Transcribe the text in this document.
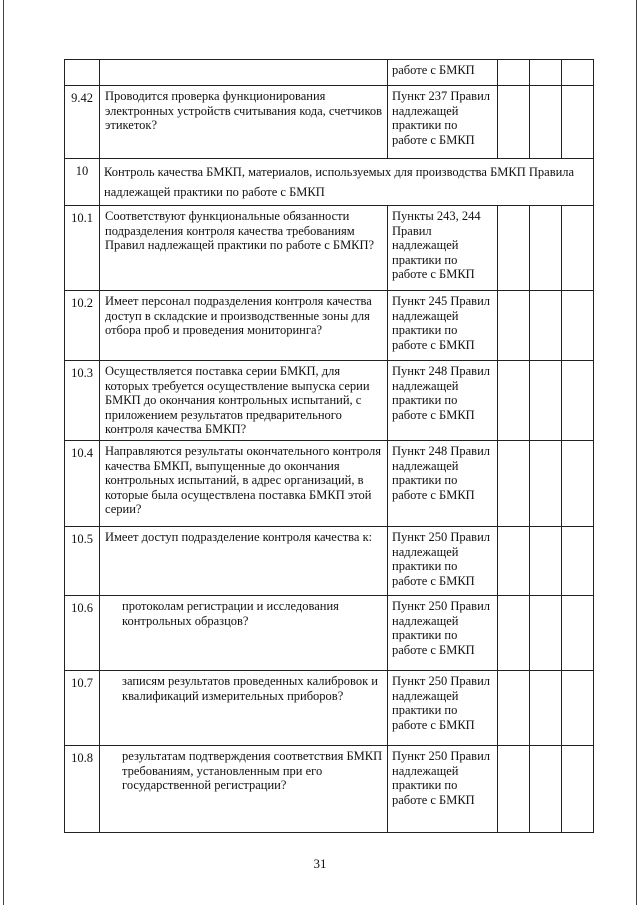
		работе с БМКП			
9.42	Проводится проверка функционирования электронных устройств считывания кода, счетчиков этикеток?	Пункт 237 Правил надлежащей практики по работе с БМКП			
10	Контроль качества БМКП, материалов, используемых для производства БМКП Правила надлежащей практики по работе с БМКП				
10.1	Соответствуют функциональные обязанности подразделения контроля качества требованиям Правил надлежащей практики по работе с БМКП?	Пункты 243, 244 Правил надлежащей практики по работе с БМКП			
10.2	Имеет персонал подразделения контроля качества доступ в складские и производственные зоны для отбора проб и проведения мониторинга?	Пункт 245 Правил надлежащей практики по работе с БМКП			
10.3	Осуществляется поставка серии БМКП, для которых требуется осуществление выпуска серии БМКП до окончания контрольных испытаний, с приложением результатов предварительного контроля качества БМКП?	Пункт 248 Правил надлежащей практики по работе с БМКП			
10.4	Направляются результаты окончательного контроля качества БМКП, выпущенные до окончания контрольных испытаний, в адрес организаций, в которые была осуществлена поставка БМКП этой серии?	Пункт 248 Правил надлежащей практики по работе с БМКП			
10.5	Имеет доступ подразделение контроля качества к:	Пункт 250 Правил надлежащей практики по работе с БМКП			
10.6	протоколам регистрации и исследования контрольных образцов?	Пункт 250 Правил надлежащей практики по работе с БМКП			
10.7	записям результатов проведенных калибровок и квалификаций измерительных приборов?	Пункт 250 Правил надлежащей практики по работе с БМКП			
10.8	результатам подтверждения соответствия БМКП требованиям, установленным при его государственной регистрации?	Пункт 250 Правил надлежащей практики по работе с БМКП			
31
